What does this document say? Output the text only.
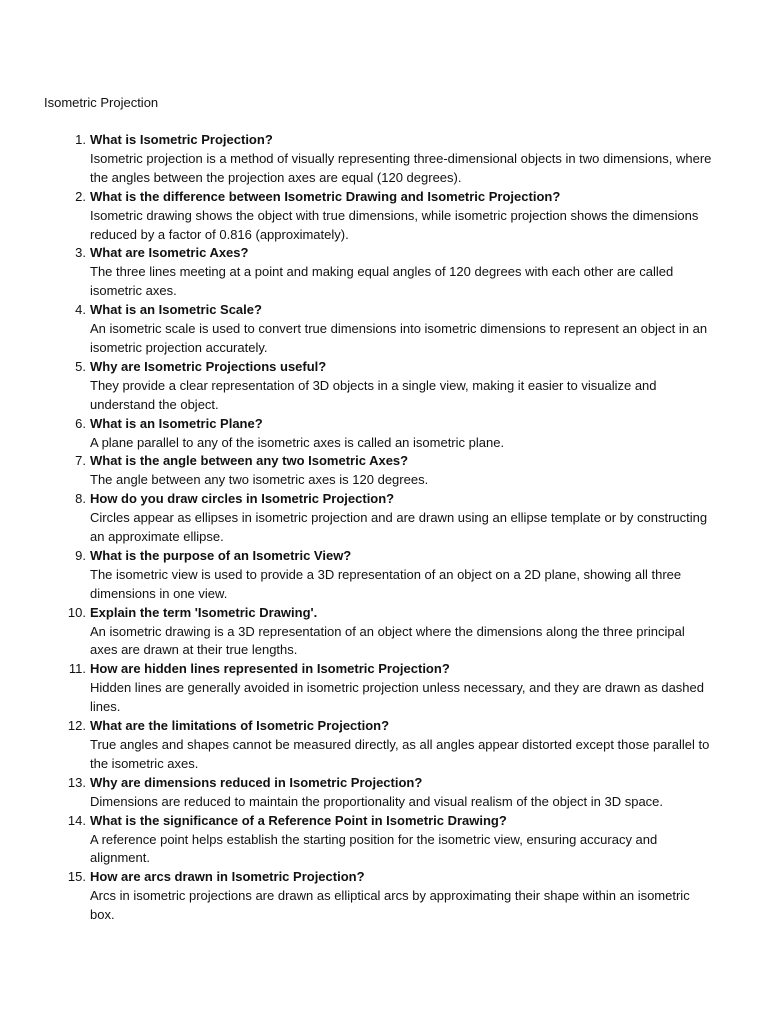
Isometric Projection
1. What is Isometric Projection?
Isometric projection is a method of visually representing three-dimensional objects in two dimensions, where the angles between the projection axes are equal (120 degrees).
2. What is the difference between Isometric Drawing and Isometric Projection?
Isometric drawing shows the object with true dimensions, while isometric projection shows the dimensions reduced by a factor of 0.816 (approximately).
3. What are Isometric Axes?
The three lines meeting at a point and making equal angles of 120 degrees with each other are called isometric axes.
4. What is an Isometric Scale?
An isometric scale is used to convert true dimensions into isometric dimensions to represent an object in an isometric projection accurately.
5. Why are Isometric Projections useful?
They provide a clear representation of 3D objects in a single view, making it easier to visualize and understand the object.
6. What is an Isometric Plane?
A plane parallel to any of the isometric axes is called an isometric plane.
7. What is the angle between any two Isometric Axes?
The angle between any two isometric axes is 120 degrees.
8. How do you draw circles in Isometric Projection?
Circles appear as ellipses in isometric projection and are drawn using an ellipse template or by constructing an approximate ellipse.
9. What is the purpose of an Isometric View?
The isometric view is used to provide a 3D representation of an object on a 2D plane, showing all three dimensions in one view.
10. Explain the term 'Isometric Drawing'.
An isometric drawing is a 3D representation of an object where the dimensions along the three principal axes are drawn at their true lengths.
11. How are hidden lines represented in Isometric Projection?
Hidden lines are generally avoided in isometric projection unless necessary, and they are drawn as dashed lines.
12. What are the limitations of Isometric Projection?
True angles and shapes cannot be measured directly, as all angles appear distorted except those parallel to the isometric axes.
13. Why are dimensions reduced in Isometric Projection?
Dimensions are reduced to maintain the proportionality and visual realism of the object in 3D space.
14. What is the significance of a Reference Point in Isometric Drawing?
A reference point helps establish the starting position for the isometric view, ensuring accuracy and alignment.
15. How are arcs drawn in Isometric Projection?
Arcs in isometric projections are drawn as elliptical arcs by approximating their shape within an isometric box.
